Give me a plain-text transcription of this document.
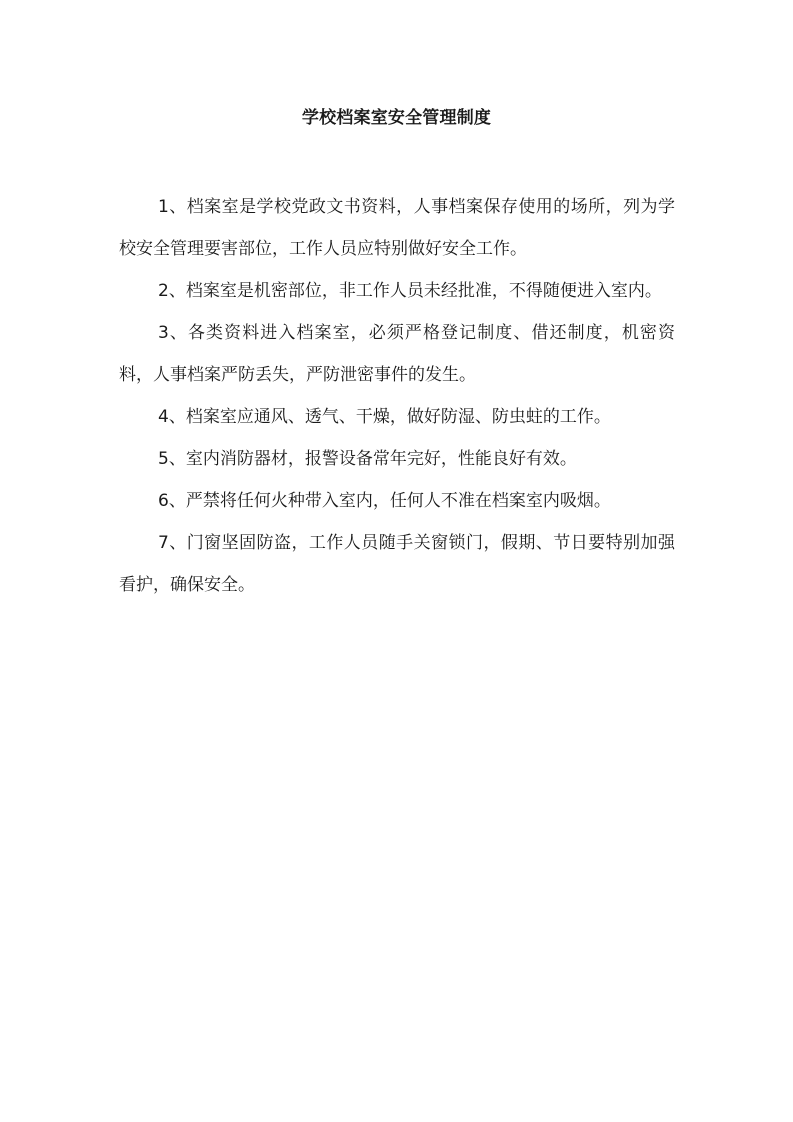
学校档案室安全管理制度

1、档案室是学校党政文书资料，人事档案保存使用的场所，列为学校安全管理要害部位，工作人员应特别做好安全工作。

2、档案室是机密部位，非工作人员未经批准，不得随便进入室内。

3、各类资料进入档案室，必须严格登记制度、借还制度，机密资料，人事档案严防丢失，严防泄密事件的发生。

4、档案室应通风、透气、干燥，做好防湿、防虫蛀的工作。

5、室内消防器材，报警设备常年完好，性能良好有效。

6、严禁将任何火种带入室内，任何人不准在档案室内吸烟。

7、门窗坚固防盗，工作人员随手关窗锁门，假期、节日要特别加强看护，确保安全。
